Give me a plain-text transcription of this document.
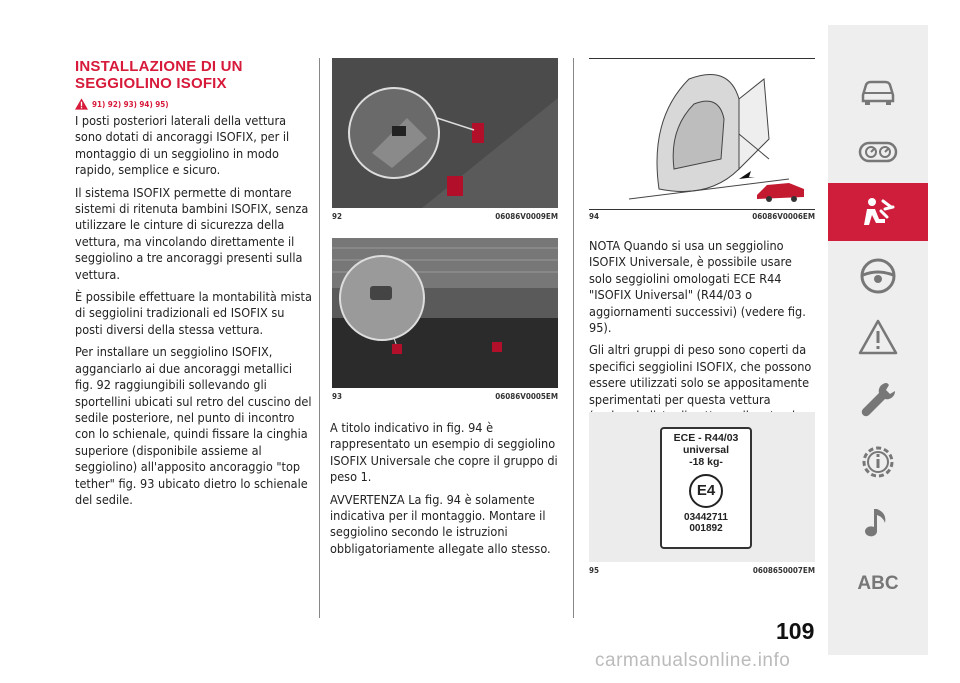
INSTALLAZIONE DI UN SEGGIOLINO ISOFIX
91) 92) 93) 94) 95)

I posti posteriori laterali della vettura sono dotati di ancoraggi ISOFIX, per il montaggio di un seggiolino in modo rapido, semplice e sicuro.

Il sistema ISOFIX permette di montare sistemi di ritenuta bambini ISOFIX, senza utilizzare le cinture di sicurezza della vettura, ma vincolando direttamente il seggiolino a tre ancoraggi presenti sulla vettura.

È possibile effettuare la montabilità mista di seggiolini tradizionali ed ISOFIX su posti diversi della stessa vettura.

Per installare un seggiolino ISOFIX, agganciarlo ai due ancoraggi metallici fig. 92 raggiungibili sollevando gli sportellini ubicati sul retro del cuscino del sedile posteriore, nel punto di incontro con lo schienale, quindi fissare la cinghia superiore (disponibile assieme al seggiolino) all'apposito ancoraggio "top tether" fig. 93 ubicato dietro lo schienale del sedile.

92	06086V0009EM
93	06086V0005EM

A titolo indicativo in fig. 94 è rappresentato un esempio di seggiolino ISOFIX Universale che copre il gruppo di peso 1.

AVVERTENZA La fig. 94 è solamente indicativa per il montaggio. Montare il seggiolino secondo le istruzioni obbligatoriamente allegate allo stesso.

94	06086V0006EM

NOTA Quando si usa un seggiolino ISOFIX Universale, è possibile usare solo seggiolini omologati ECE R44 "ISOFIX Universal" (R44/03 o aggiornamenti successivi) (vedere fig. 95).

Gli altri gruppi di peso sono coperti da specifici seggiolini ISOFIX, che possono essere utilizzati solo se appositamente sperimentati per questa vettura

ECE - R44/03
universal
-18 kg-
E4
03442711
001892
95	0608650007EM
109
ABC
carmanualsonline.info
